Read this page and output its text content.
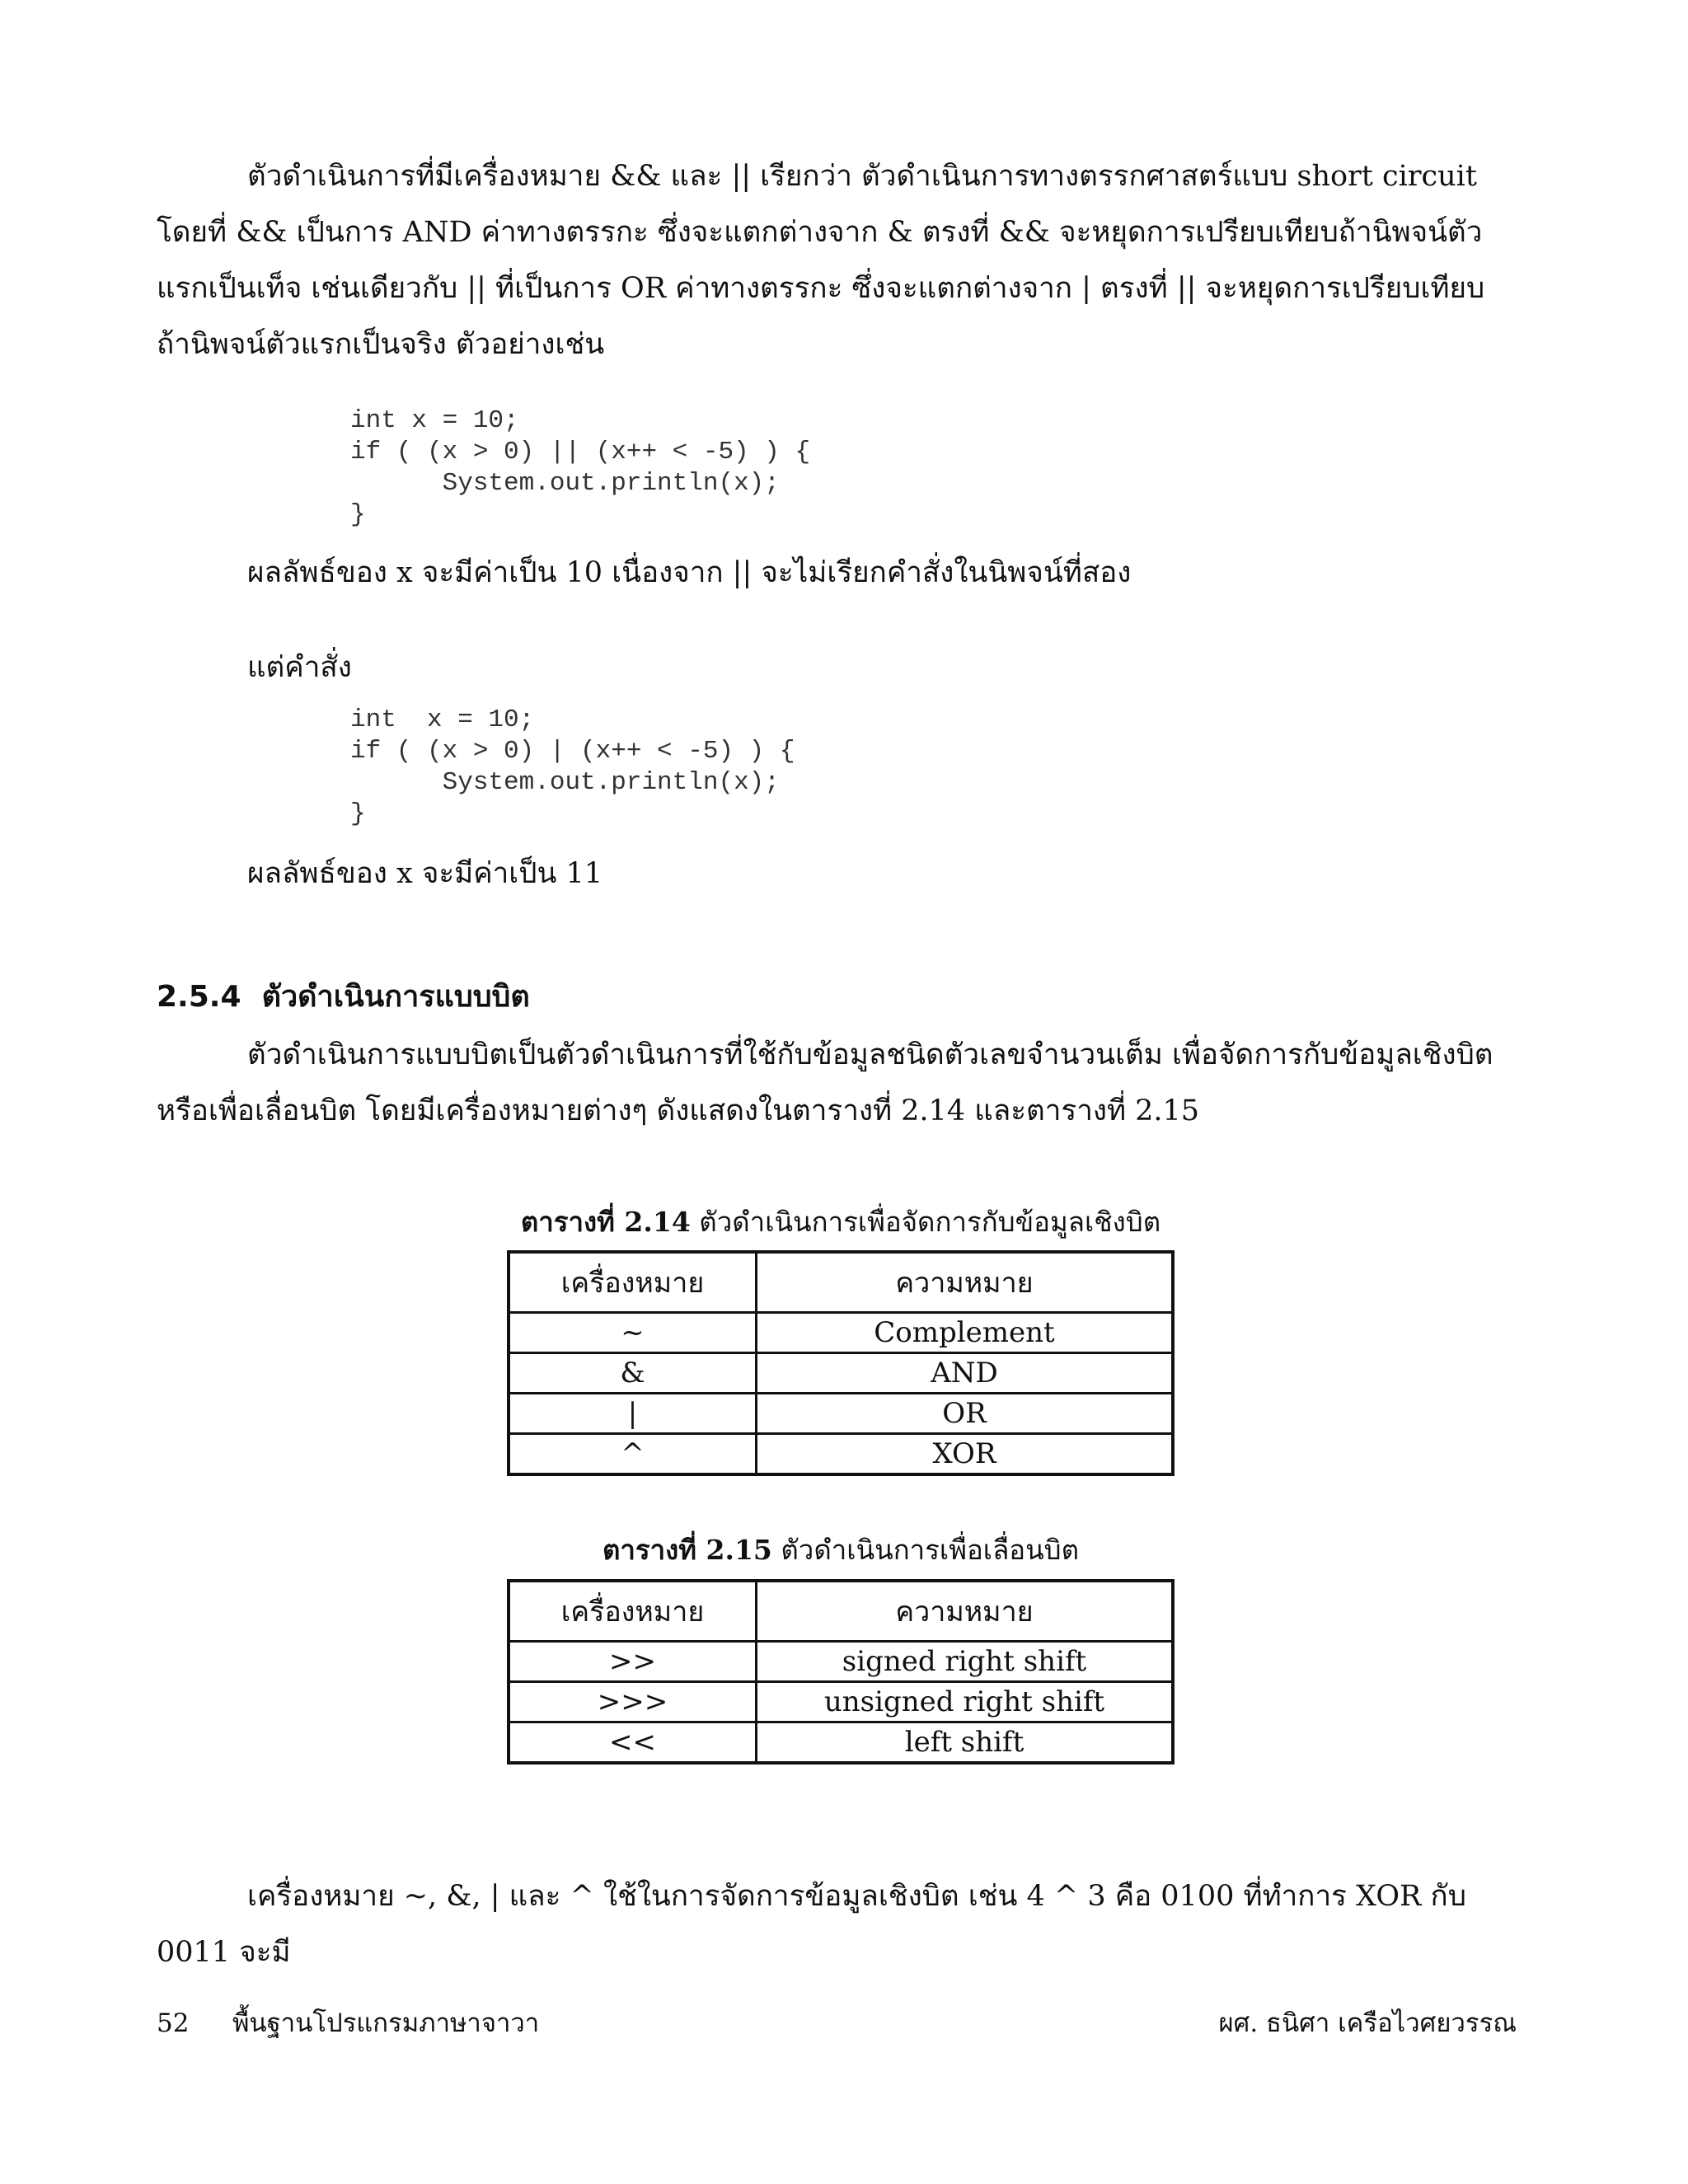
ตัวดำเนินการที่มีเครื่องหมาย && และ || เรียกว่า ตัวดำเนินการทางตรรกศาสตร์แบบ short circuit โดยที่ && เป็นการ AND ค่าทางตรรกะ ซึ่งจะแตกต่างจาก & ตรงที่ && จะหยุดการเปรียบเทียบถ้านิพจน์ตัวแรกเป็นเท็จ เช่นเดียวกับ || ที่เป็นการ OR ค่าทางตรรกะ ซึ่งจะแตกต่างจาก | ตรงที่ || จะหยุดการเปรียบเทียบถ้านิพจน์ตัวแรกเป็นจริง ตัวอย่างเช่น

int x = 10;
if ( (x > 0) || (x++ < -5) ) {
System.out.println(x);
}

ผลลัพธ์ของ x จะมีค่าเป็น 10 เนื่องจาก || จะไม่เรียกคำสั่งในนิพจน์ที่สอง

แต่คำสั่ง

int  x = 10;
if ( (x > 0) | (x++ < -5) ) {
System.out.println(x);
}

ผลลัพธ์ของ x จะมีค่าเป็น 11

2.5.4 ตัวดำเนินการแบบบิต

ตัวดำเนินการแบบบิตเป็นตัวดำเนินการที่ใช้กับข้อมูลชนิดตัวเลขจำนวนเต็ม เพื่อจัดการกับข้อมูลเชิงบิตหรือเพื่อเลื่อนบิต โดยมีเครื่องหมายต่างๆ ดังแสดงในตารางที่ 2.14 และตารางที่ 2.15

ตารางที่ 2.14 ตัวดำเนินการเพื่อจัดการกับข้อมูลเชิงบิต

เครื่องหมาย	ความหมาย
~	Complement
&	AND
|	OR
^	XOR

ตารางที่ 2.15 ตัวดำเนินการเพื่อเลื่อนบิต

เครื่องหมาย	ความหมาย
>>	signed right shift
>>>	unsigned right shift
<<	left shift

เครื่องหมาย ~, &, | และ ^ ใช้ในการจัดการข้อมูลเชิงบิต เช่น 4 ^ 3 คือ 0100 ที่ทำการ XOR กับ 0011 จะมี

52 พื้นฐานโปรแกรมภาษาจาวา	ผศ. ธนิศา เครือไวศยวรรณ
